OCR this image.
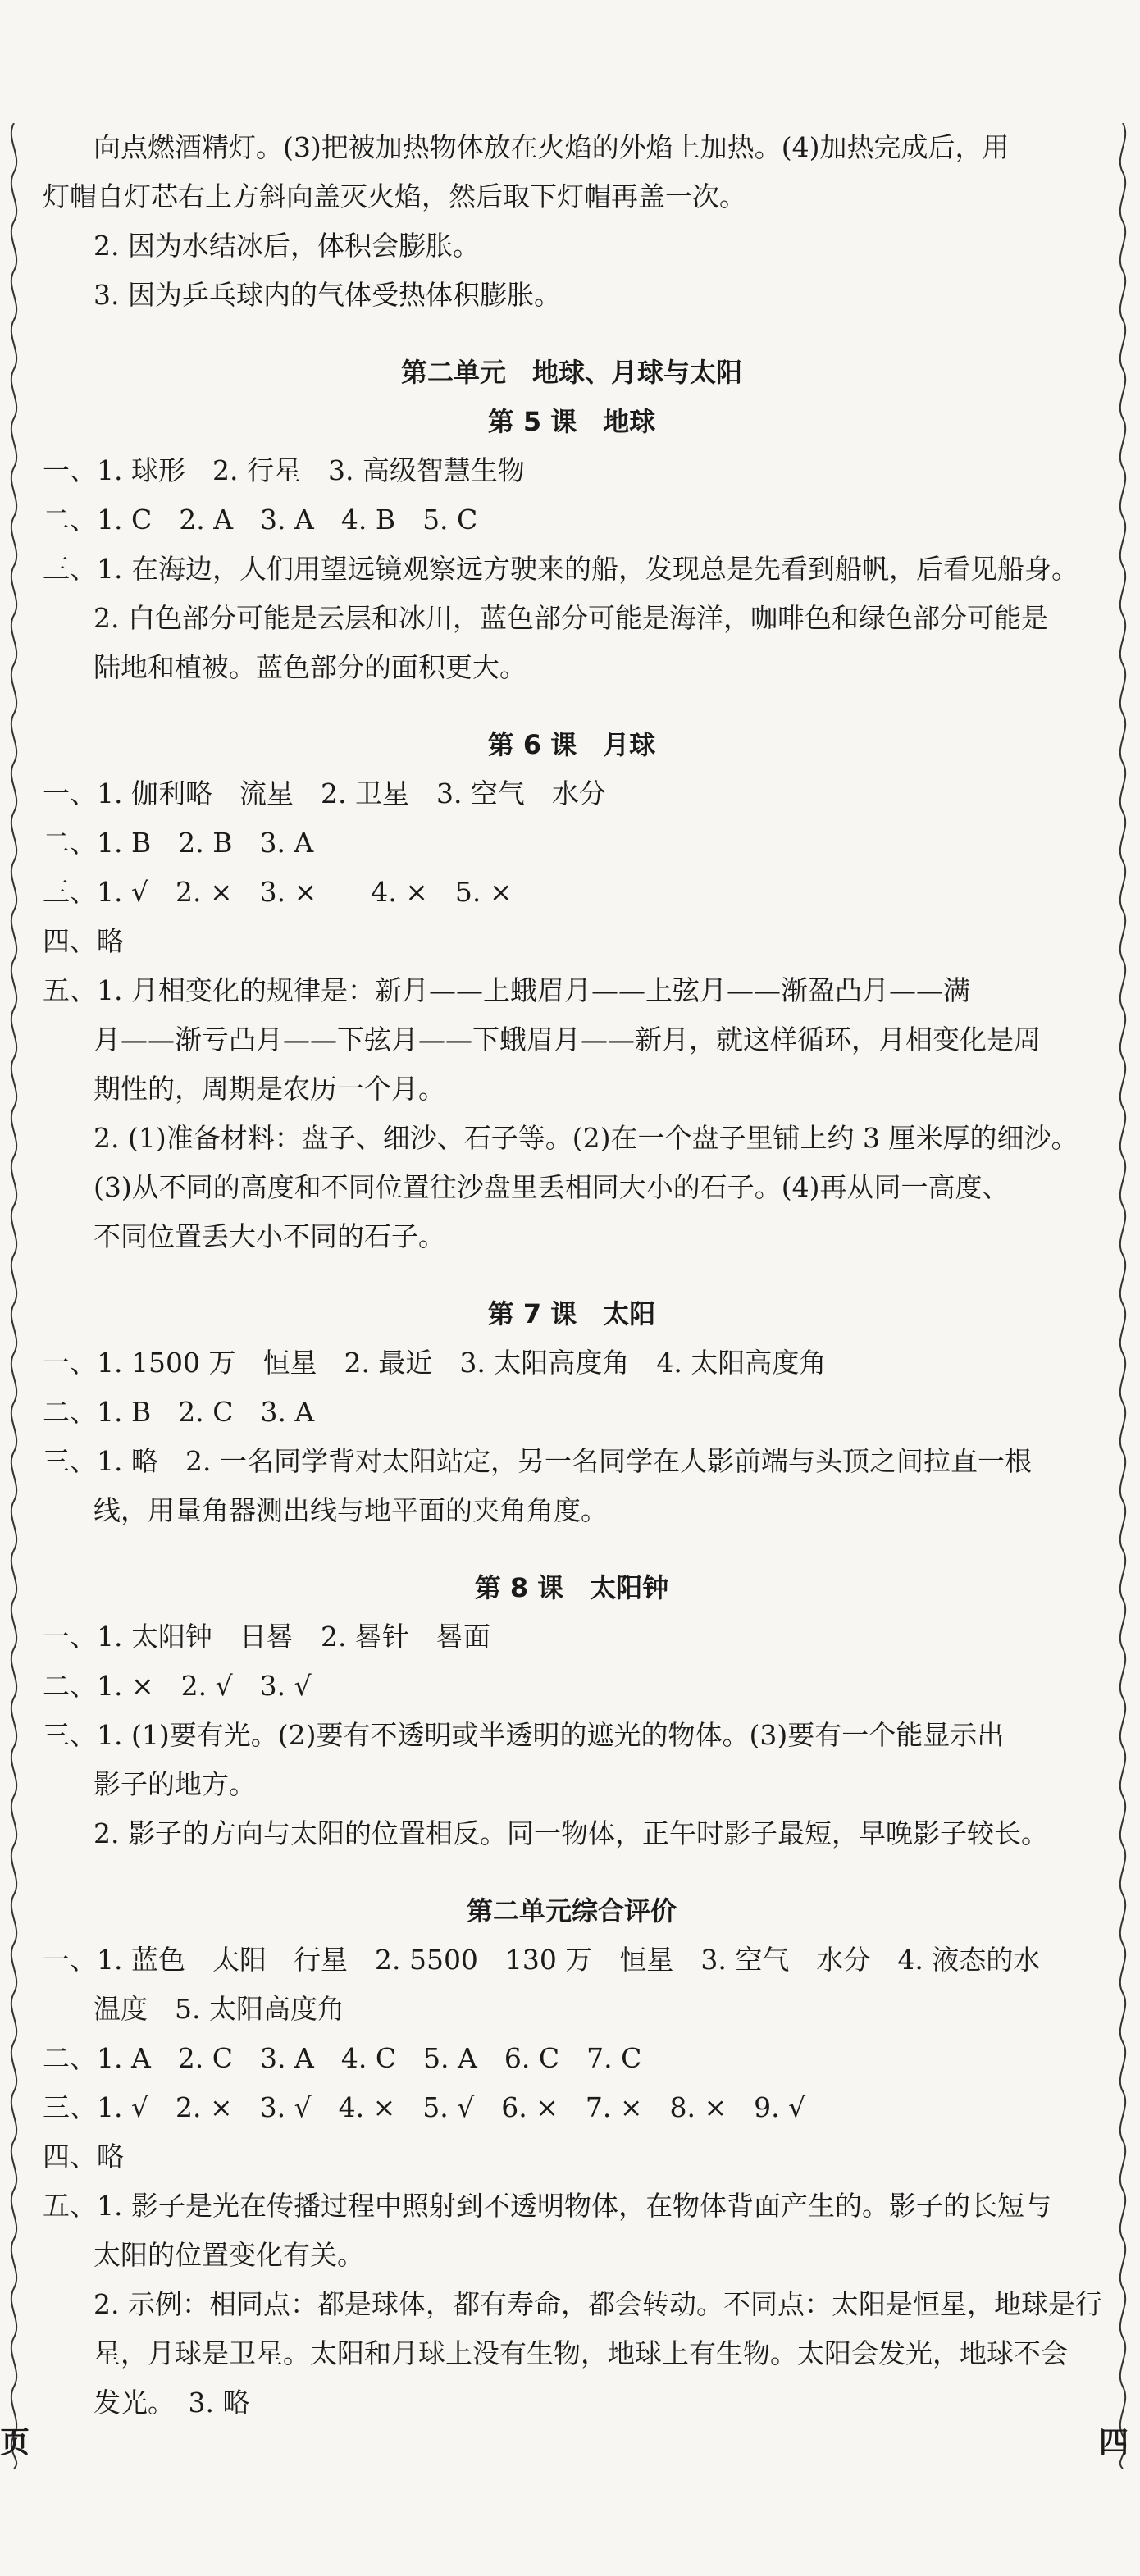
向点燃酒精灯。(3)把被加热物体放在火焰的外焰上加热。(4)加热完成后，用
灯帽自灯芯右上方斜向盖灭火焰，然后取下灯帽再盖一次。
2. 因为水结冰后，体积会膨胀。
3. 因为乒乓球内的气体受热体积膨胀。
第二单元　地球、月球与太阳
第 5 课　地球
一、1. 球形　2. 行星　3. 高级智慧生物
二、1. C　2. A　3. A　4. B　5. C
三、1. 在海边，人们用望远镜观察远方驶来的船，发现总是先看到船帆，后看见船身。
2. 白色部分可能是云层和冰川，蓝色部分可能是海洋，咖啡色和绿色部分可能是
陆地和植被。蓝色部分的面积更大。
第 6 课　月球
一、1. 伽利略　流星　2. 卫星　3. 空气　水分
二、1. B　2. B　3. A
三、1. √　2. ×　3. ×　　4. ×　5. ×
四、略
五、1. 月相变化的规律是：新月——上蛾眉月——上弦月——渐盈凸月——满
月——渐亏凸月——下弦月——下蛾眉月——新月，就这样循环，月相变化是周
期性的，周期是农历一个月。
2. (1)准备材料：盘子、细沙、石子等。(2)在一个盘子里铺上约 3 厘米厚的细沙。
(3)从不同的高度和不同位置往沙盘里丢相同大小的石子。(4)再从同一高度、
不同位置丢大小不同的石子。
第 7 课　太阳
一、1. 1500 万　恒星　2. 最近　3. 太阳高度角　4. 太阳高度角
二、1. B　2. C　3. A
三、1. 略　2. 一名同学背对太阳站定，另一名同学在人影前端与头顶之间拉直一根
线，用量角器测出线与地平面的夹角角度。
第 8 课　太阳钟
一、1. 太阳钟　日晷　2. 晷针　晷面
二、1. ×　2. √　3. √
三、1. (1)要有光。(2)要有不透明或半透明的遮光的物体。(3)要有一个能显示出
影子的地方。
2. 影子的方向与太阳的位置相反。同一物体，正午时影子最短，早晚影子较长。
第二单元综合评价
一、1. 蓝色　太阳　行星　2. 5500　130 万　恒星　3. 空气　水分　4. 液态的水
温度　5. 太阳高度角
二、1. A　2. C　3. A　4. C　5. A　6. C　7. C
三、1. √　2. ×　3. √　4. ×　5. √　6. ×　7. ×　8. ×　9. √
四、略
五、1. 影子是光在传播过程中照射到不透明物体，在物体背面产生的。影子的长短与
太阳的位置变化有关。
2. 示例：相同点：都是球体，都有寿命，都会转动。不同点：太阳是恒星，地球是行
星，月球是卫星。太阳和月球上没有生物，地球上有生物。太阳会发光，地球不会
发光。　3. 略
页	四
